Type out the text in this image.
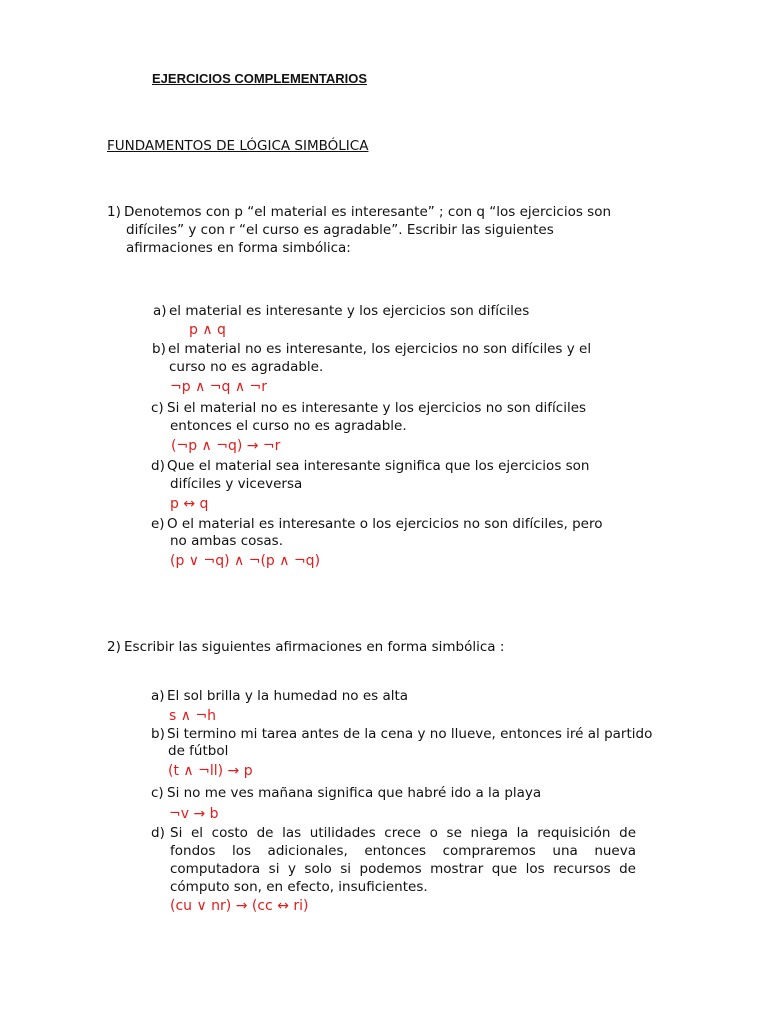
EJERCICIOS COMPLEMENTARIOS
FUNDAMENTOS DE LÓGICA SIMBÓLICA
1) Denotemos con p “el material es interesante” ; con q “los ejercicios son
difíciles” y con r “el curso es agradable”. Escribir las siguientes
afirmaciones en forma simbólica:
a) el material es interesante y los ejercicios son difíciles
p ∧ q
b) el material no es interesante, los ejercicios no son difíciles y el
curso no es agradable.
¬p ∧ ¬q ∧ ¬r
c) Si el material no es interesante y los ejercicios no son difíciles
entonces el curso no es agradable.
(¬p ∧ ¬q) → ¬r
d) Que el material sea interesante significa que los ejercicios son
difíciles y viceversa
p ↔ q
e) O el material es interesante o los ejercicios no son difíciles, pero
no ambas cosas.
(p ∨ ¬q) ∧ ¬(p ∧ ¬q)
2) Escribir las siguientes afirmaciones en forma simbólica :
a) El sol brilla y la humedad no es alta
s ∧ ¬h
b) Si termino mi tarea antes de la cena y no llueve, entonces iré al partido
de fútbol
(t ∧ ¬ll) → p
c) Si no me ves mañana significa que habré ido a la playa
¬v → b
d) Si el costo de las utilidades crece o se niega la requisición de
fondos los adicionales, entonces compraremos una nueva
computadora si y solo si podemos mostrar que los recursos de
cómputo son, en efecto, insuficientes.
(cu ∨ nr) → (cc ↔ ri)
